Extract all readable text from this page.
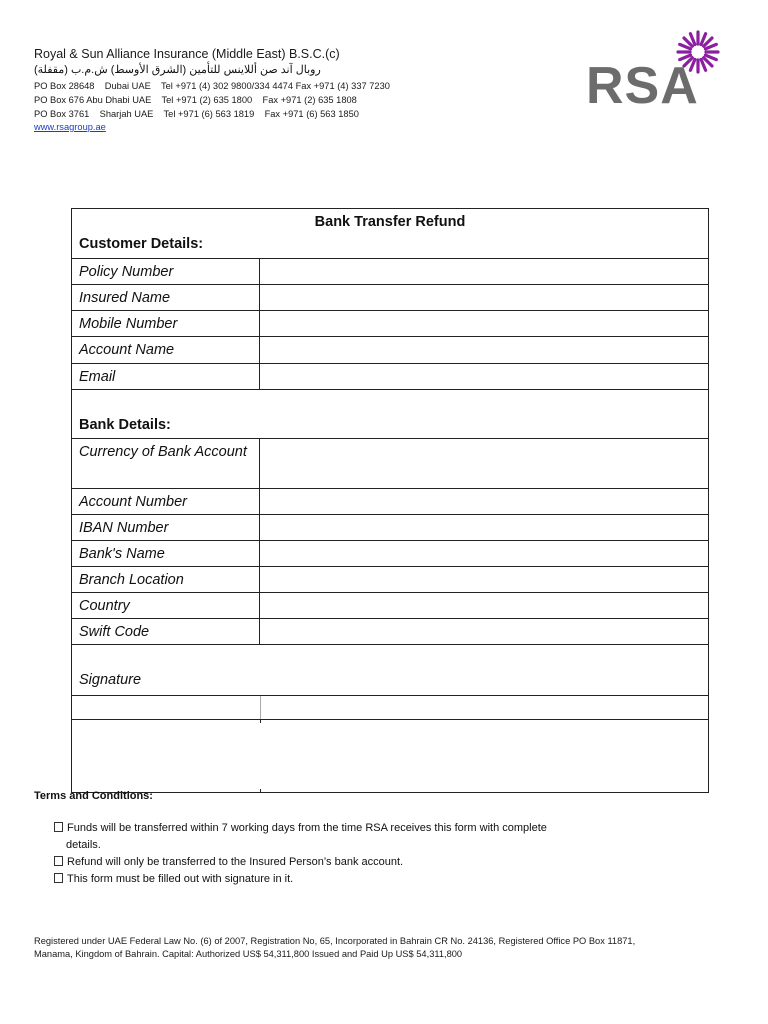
Royal & Sun Alliance Insurance (Middle East) B.S.C.(c)
روبال آند صن أللاينس للتأمين (الشرق الأوسط) ش.م.ب (مقفلة)
PO Box 28648    Dubai UAE    Tel +971 (4) 302 9800/334 4474 Fax +971 (4) 337 7230
PO Box 676 Abu Dhabi UAE    Tel +971 (2) 635 1800    Fax +971 (2) 635 1808
PO Box 3761    Sharjah UAE    Tel +971 (6) 563 1819    Fax +971 (6) 563 1850
www.rsagroup.ae
RSA
Bank Transfer Refund
Customer Details:
Policy Number
Insured Name
Mobile Number
Account Name
Email
Bank Details:
Currency of Bank Account
Account Number
IBAN Number
Bank's Name
Branch Location
Country
Swift Code
Signature
Terms and Conditions:
Funds will be transferred within 7 working days from the time RSA receives this form with complete
details.
Refund will only be transferred to the Insured Person’s bank account.
This form must be filled out with signature in it.
Registered under UAE Federal Law No. (6) of 2007, Registration No, 65, Incorporated in Bahrain CR No. 24136, Registered Office PO Box 11871,
Manama, Kingdom of Bahrain. Capital: Authorized US$ 54,311,800 Issued and Paid Up US$ 54,311,800
